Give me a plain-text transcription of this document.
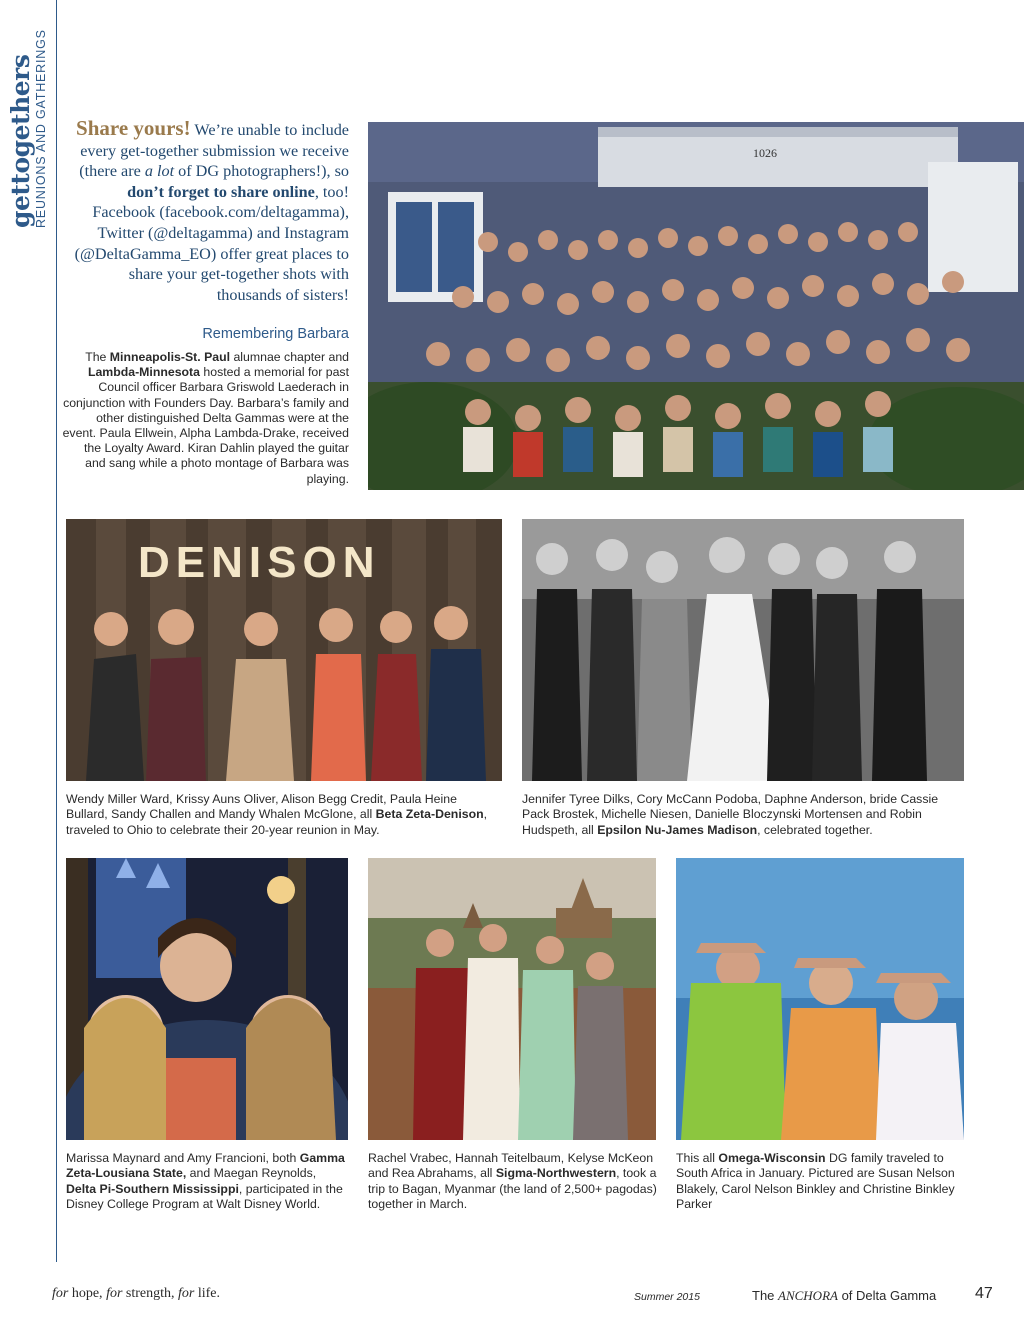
gettogethers REUNIONS AND GATHERINGS	Share yours! We’re unable to include every get-together submission we receive (there are a lot of DG photographers!), so don’t forget to share online, too! Facebook (facebook.com/deltagamma), Twitter (@deltagamma) and Instagram (@DeltaGamma_EO) offer great places to share your get-together shots with thousands of sisters!
Remembering Barbara

The Minneapolis-St. Paul alumnae chapter and Lambda-Minnesota hosted a memorial for past Council officer Barbara Griswold Laederach in conjunction with Founders Day. Barbara’s family and other distinguished Delta Gammas were at the event. Paula Ellwein, Alpha Lambda-Drake, received the Loyalty Award. Kiran Dahlin played the guitar and sang while a photo montage of Barbara was playing.

1026
DENISON
Wendy Miller Ward, Krissy Auns Oliver, Alison Begg Credit, Paula Heine Bullard, Sandy Challen and Mandy Whalen McGlone, all Beta Zeta-Denison, traveled to Ohio to celebrate their 20-year reunion in May.
Jennifer Tyree Dilks, Cory McCann Podoba, Daphne Anderson, bride Cassie Pack Brostek, Michelle Niesen, Danielle Bloczynski Mortensen and Robin Hudspeth, all Epsilon Nu-James Madison, celebrated together.
Marissa Maynard and Amy Francioni, both Gamma Zeta-Lousiana State, and Maegan Reynolds, Delta Pi-Southern Mississippi, participated in the Disney College Program at Walt Disney World.
Rachel Vrabec, Hannah Teitelbaum, Kelyse McKeon and Rea Abrahams, all Sigma-Northwestern, took a trip to Bagan, Myanmar (the land of 2,500+ pagodas) together in March.
This all Omega-Wisconsin DG family traveled to South Africa in January. Pictured are Susan Nelson Blakely, Carol Nelson Binkley and Christine Binkley Parker
for hope, for strength, for life.	Summer 2015	The ANCHORA of Delta Gamma 47
